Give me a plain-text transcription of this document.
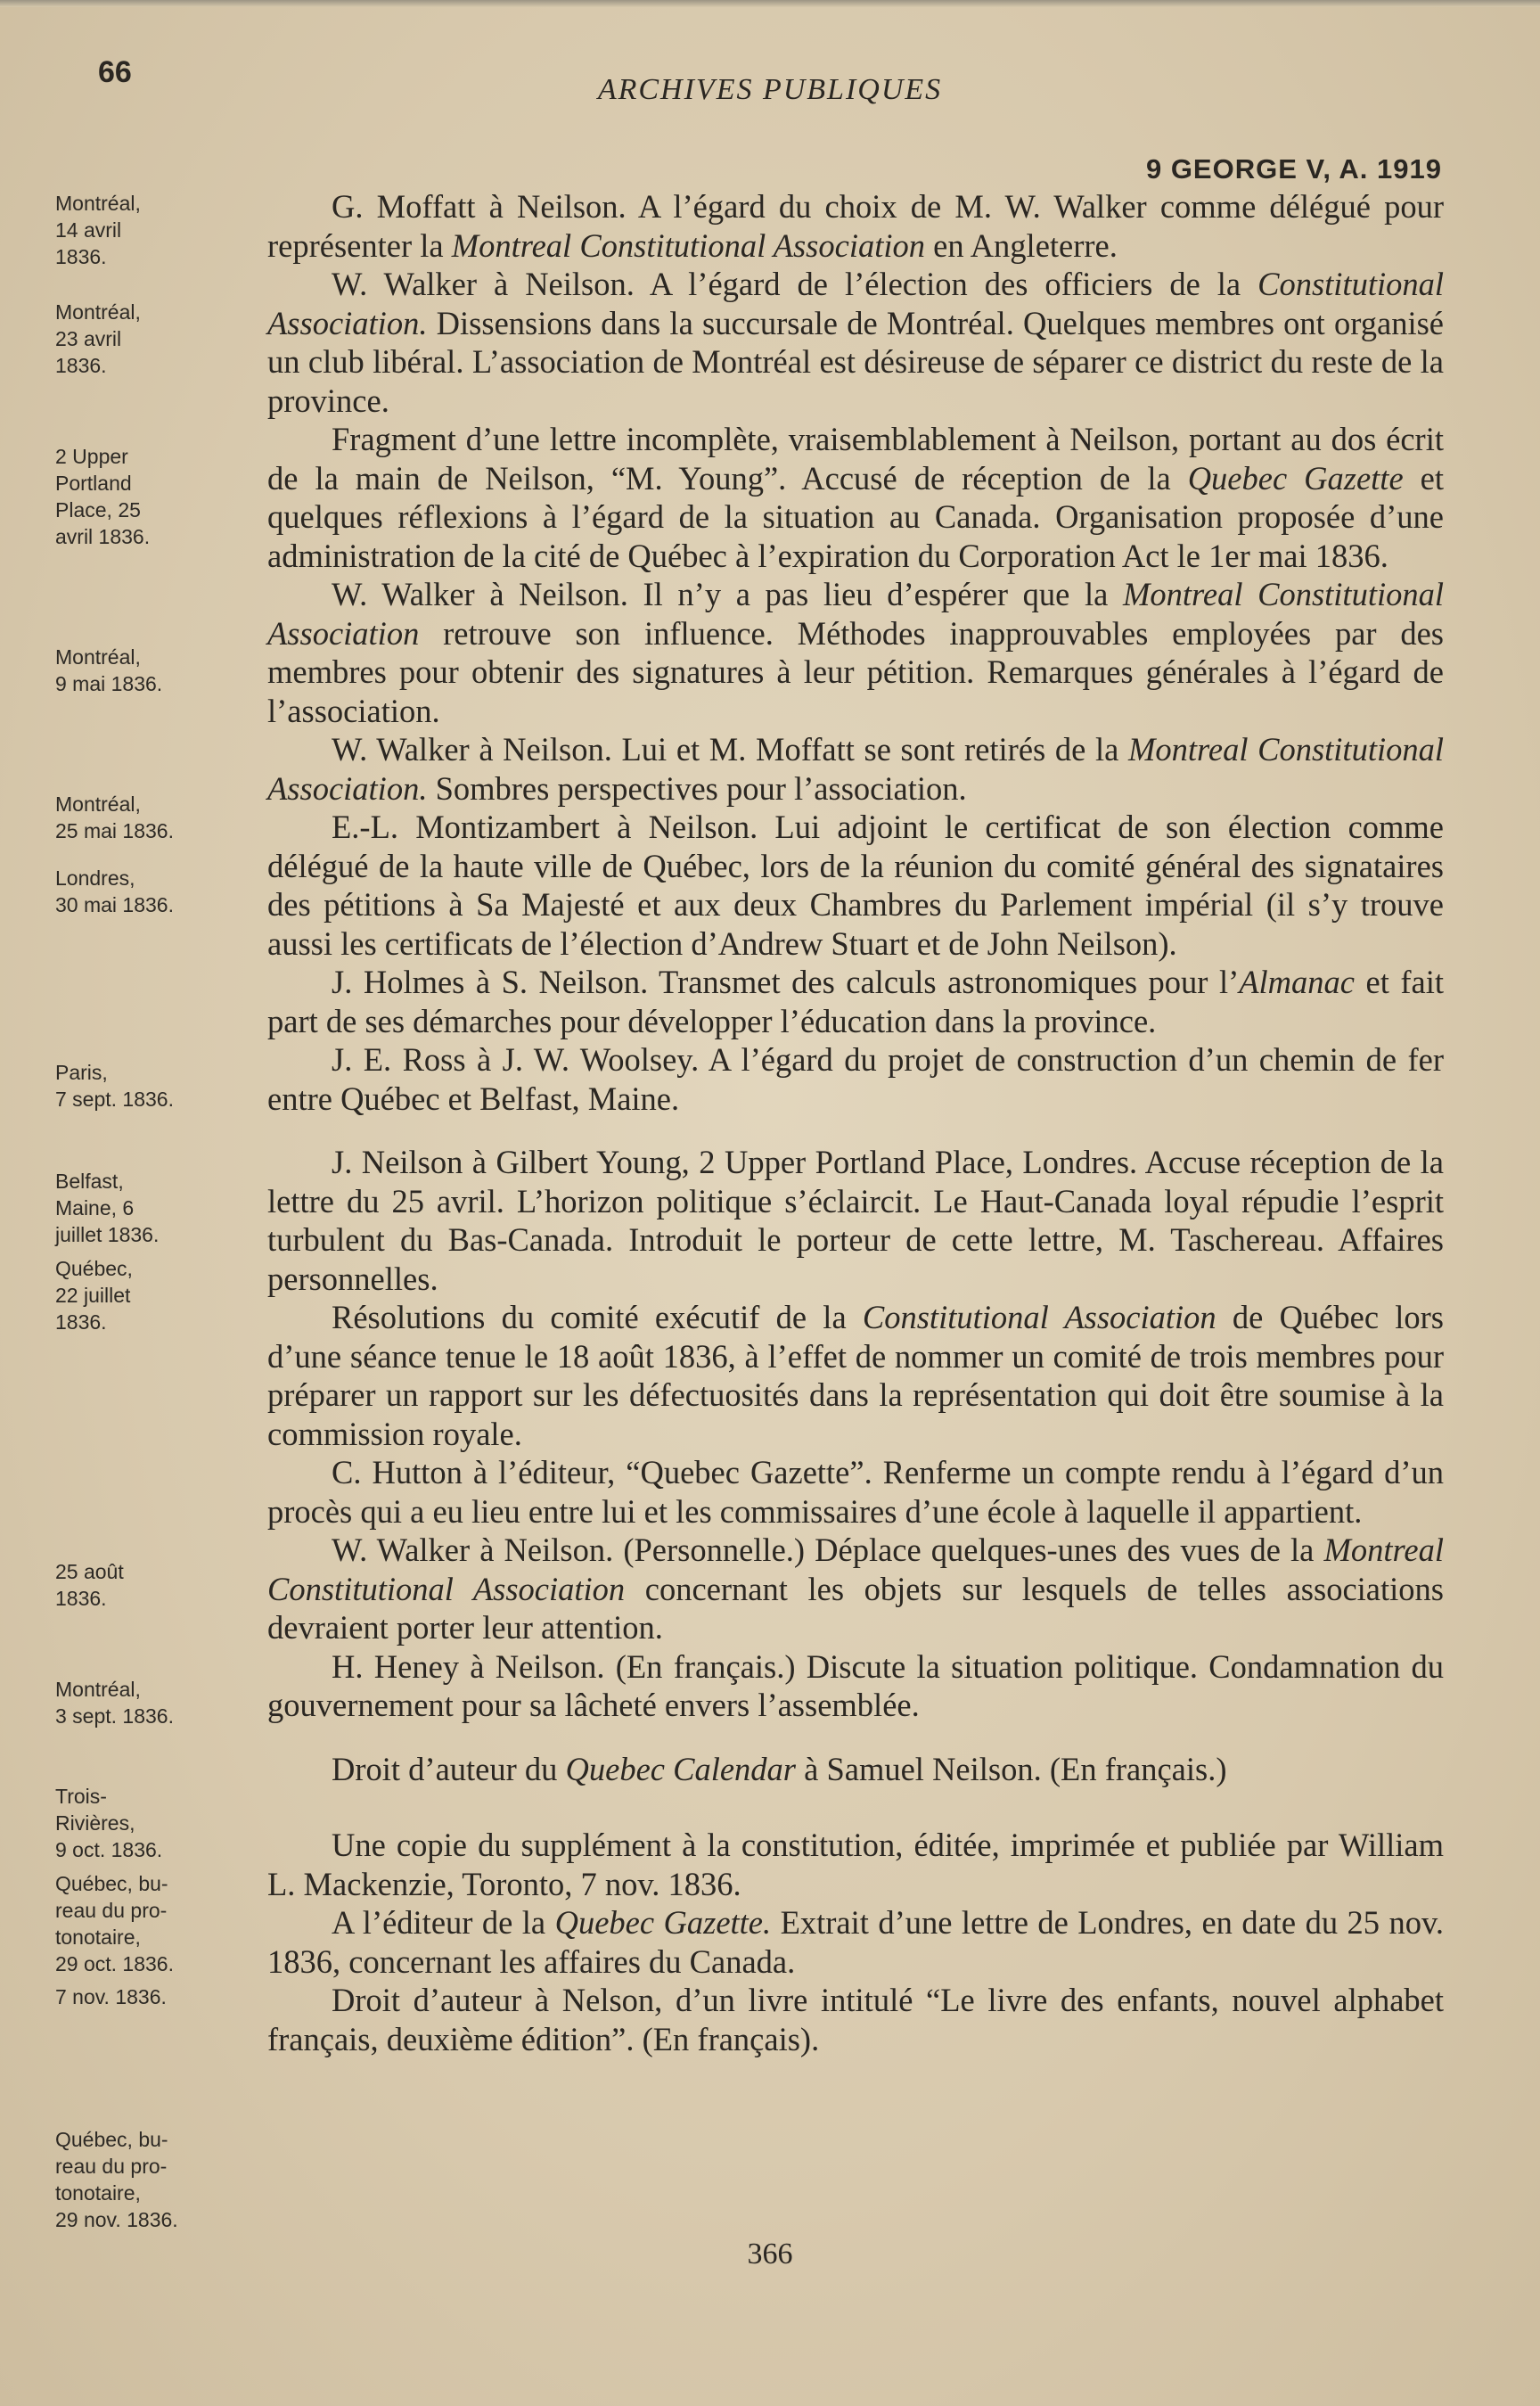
66
ARCHIVES PUBLIQUES
9 GEORGE V, A. 1919
Montréal,
14 avril
1836.
Montréal,
23 avril
1836.
2 Upper
Portland
Place, 25
avril 1836.
Montréal,
9 mai 1836.
Montréal,
25 mai 1836.
Londres,
30 mai 1836.
Paris,
7 sept. 1836.
Belfast,
Maine, 6
juillet 1836.
Québec,
22 juillet
1836.
25 août
1836.
Montréal,
3 sept. 1836.
Trois-
Rivières,
9 oct. 1836.
Québec, bu-
reau du pro-
tonotaire,
29 oct. 1836.
7 nov. 1836.
Québec, bu-
reau du pro-
tonotaire,
29 nov. 1836.

G. Moffatt à Neilson. A l’égard du choix de M. W. Walker comme délégué pour représenter la Montreal Constitutional Association en Angleterre.

W. Walker à Neilson. A l’égard de l’élection des officiers de la Constitutional Association. Dissensions dans la succursale de Montréal. Quelques membres ont organisé un club libéral. L’association de Montréal est désireuse de séparer ce district du reste de la province.

Fragment d’une lettre incomplète, vraisemblablement à Neilson, portant au dos écrit de la main de Neilson, “M. Young”. Accusé de réception de la Quebec Gazette et quelques réflexions à l’égard de la situation au Canada. Organisation proposée d’une administration de la cité de Québec à l’expiration du Corporation Act le 1er mai 1836.

W. Walker à Neilson. Il n’y a pas lieu d’espérer que la Montreal Constitutional Association retrouve son influence. Méthodes inapprouvables employées par des membres pour obtenir des signatures à leur pétition. Remarques générales à l’égard de l’association.

W. Walker à Neilson. Lui et M. Moffatt se sont retirés de la Montreal Constitutional Association. Sombres perspectives pour l’association.

E.-L. Montizambert à Neilson. Lui adjoint le certificat de son élection comme délégué de la haute ville de Québec, lors de la réunion du comité général des signataires des pétitions à Sa Majesté et aux deux Chambres du Parlement impérial (il s’y trouve aussi les certificats de l’élection d’Andrew Stuart et de John Neilson).

J. Holmes à S. Neilson. Transmet des calculs astronomiques pour l’Almanac et fait part de ses démarches pour développer l’éducation dans la province.

J. E. Ross à J. W. Woolsey. A l’égard du projet de construction d’un chemin de fer entre Québec et Belfast, Maine.

J. Neilson à Gilbert Young, 2 Upper Portland Place, Londres. Accuse réception de la lettre du 25 avril. L’horizon politique s’éclaircit. Le Haut-Canada loyal répudie l’esprit turbulent du Bas-Canada. Introduit le porteur de cette lettre, M. Taschereau. Affaires personnelles.

Résolutions du comité exécutif de la Constitutional Association de Québec lors d’une séance tenue le 18 août 1836, à l’effet de nommer un comité de trois membres pour préparer un rapport sur les défectuosités dans la représentation qui doit être soumise à la commission royale.

C. Hutton à l’éditeur, “Quebec Gazette”. Renferme un compte rendu à l’égard d’un procès qui a eu lieu entre lui et les commissaires d’une école à laquelle il appartient.

W. Walker à Neilson. (Personnelle.) Déplace quelques-unes des vues de la Montreal Constitutional Association concernant les objets sur lesquels de telles associations devraient porter leur attention.

H. Heney à Neilson. (En français.) Discute la situation politique. Condamnation du gouvernement pour sa lâcheté envers l’assemblée.

Droit d’auteur du Quebec Calendar à Samuel Neilson. (En français.)

Une copie du supplément à la constitution, éditée, imprimée et publiée par William L. Mackenzie, Toronto, 7 nov. 1836.

A l’éditeur de la Quebec Gazette. Extrait d’une lettre de Londres, en date du 25 nov. 1836, concernant les affaires du Canada.

Droit d’auteur à Nelson, d’un livre intitulé “Le livre des enfants, nouvel alphabet français, deuxième édition”. (En français).

366
